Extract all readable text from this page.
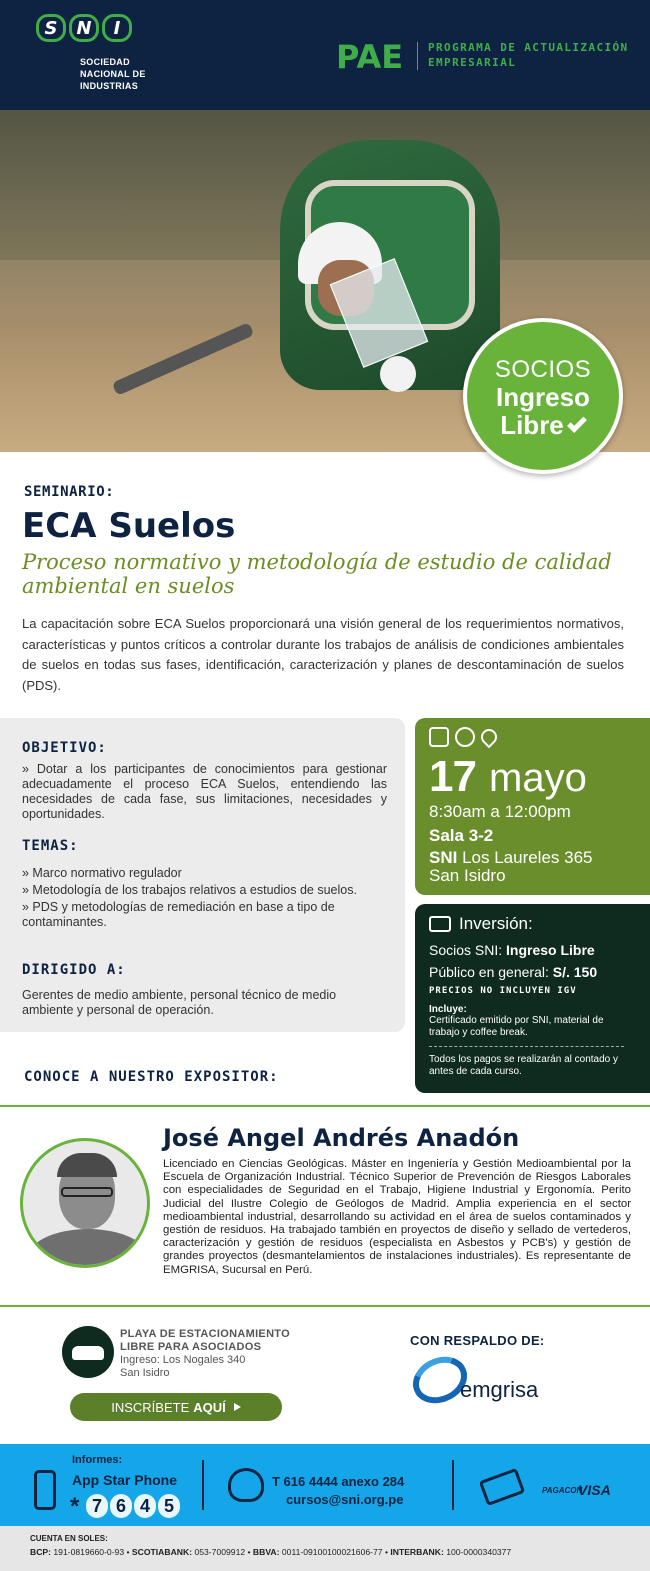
S	N	I
SOCIEDAD
NACIONAL DE
INDUSTRIAS
PAE PROGRAMA DE ACTUALIZACIÓN
EMPRESARIAL
SOCIOS
Ingreso
Libre
SEMINARIO:
ECA Suelos
Proceso normativo y metodología de estudio de calidad ambiental en suelos
La capacitación sobre ECA Suelos proporcionará una visión general de los requerimientos normativos, características y puntos críticos a controlar durante los trabajos de análisis de condiciones ambientales de suelos en todas sus fases, identificación, caracterización y planes de descontaminación de suelos (PDS).
OBJETIVO:
» Dotar a los participantes de conocimientos para gestionar adecuadamente el proceso ECA Suelos, entendiendo las necesidades de cada fase, sus limitaciones, necesidades y oportunidades.
TEMAS:
» Marco normativo regulador
» Metodología de los trabajos relativos a estudios de suelos.
» PDS y metodologías de remediación en base a tipo de contaminantes.
DIRIGIDO A:
Gerentes de medio ambiente, personal técnico de medio ambiente y personal de operación.
17 mayo
8:30am a 12:00pm
Sala 3-2
SNI Los Laureles 365
San Isidro
Inversión:
Socios SNI: Ingreso Libre
Público en general: S/. 150
PRECIOS NO INCLUYEN IGV
Incluye:
Certificado emitido por SNI, material de trabajo y coffee break.
Todos los pagos se realizarán al contado y antes de cada curso.
CONOCE A NUESTRO EXPOSITOR:
José Angel Andrés Anadón
Licenciado en Ciencias Geológicas. Máster en Ingeniería y Gestión Medioambiental por la Escuela de Organización Industrial. Técnico Superior de Prevención de Riesgos Laborales con especialidades de Seguridad en el Trabajo, Higiene Industrial y Ergonomía. Perito Judicial del Ilustre Colegio de Geólogos de Madrid. Amplia experiencia en el sector medioambiental industrial, desarrollando su actividad en el área de suelos contaminados y gestión de residuos. Ha trabajado también en proyectos de diseño y sellado de vertederos, caracterización y gestión de residuos (especialista en Asbestos y PCB's) y gestión de grandes proyectos (desmantelamientos de instalaciones industriales). Es representante de EMGRISA, Sucursal en Perú.
PLAYA DE ESTACIONAMIENTO
LIBRE PARA ASOCIADOS
Ingreso: Los Nogales 340
San Isidro
INSCRÍBETE AQUÍ
CON RESPALDO DE:
emgrisa
Informes:
App Star Phone
* 7 6 4 5
T 616 4444 anexo 284
cursos@sni.org.pe
PAGACON
VISA
CUENTA EN SOLES:
BCP: 191-0819660-0-93 • SCOTIABANK: 053-7009912 • BBVA: 0011-09100100021606-77 • INTERBANK: 100-0000340377
